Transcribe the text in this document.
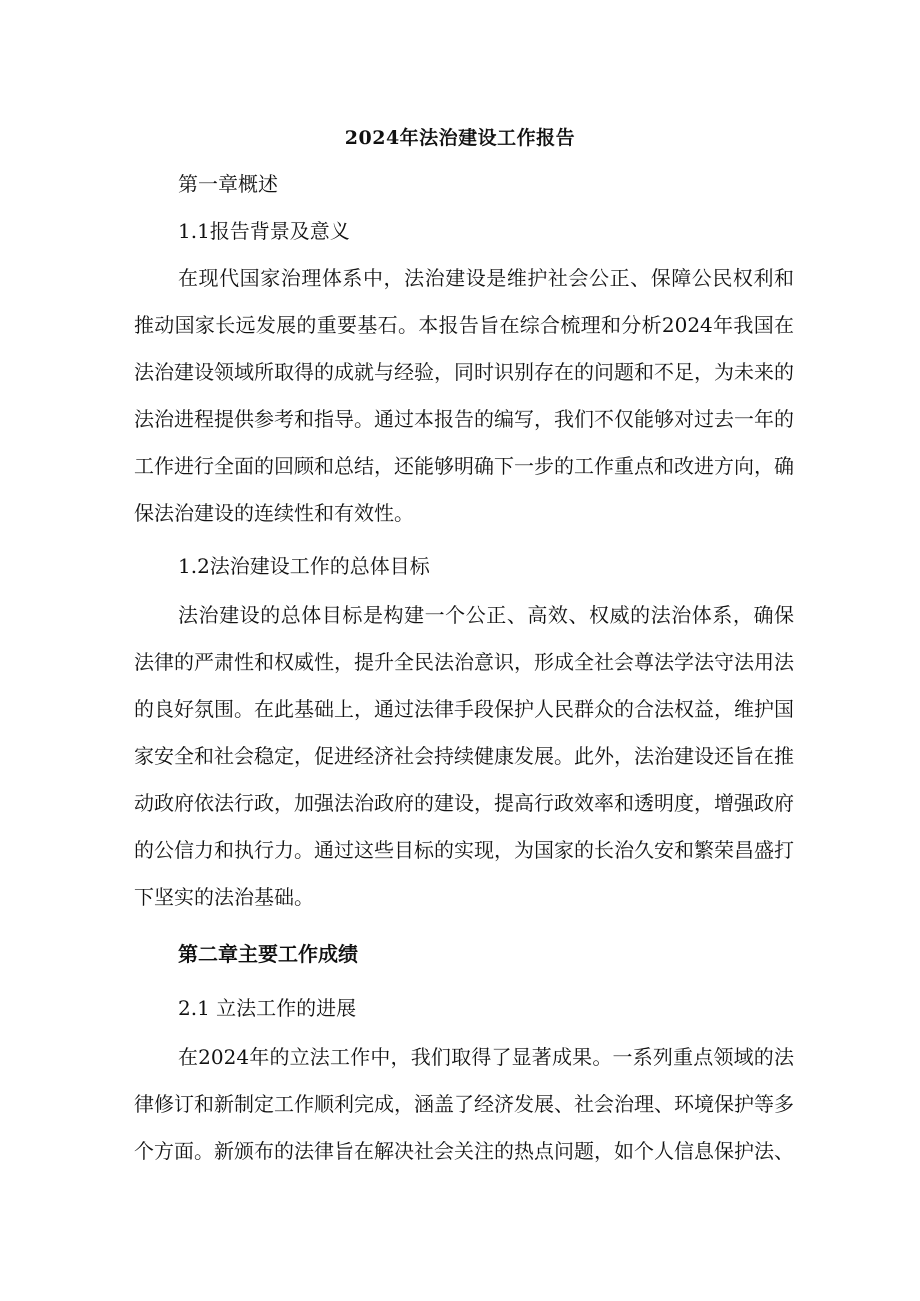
2024年法治建设工作报告
第一章概述
1.1报告背景及意义
在现代国家治理体系中，法治建设是维护社会公正、保障公民权利和
推动国家长远发展的重要基石。本报告旨在综合梳理和分析2024年我国在
法治建设领域所取得的成就与经验，同时识别存在的问题和不足，为未来的
法治进程提供参考和指导。通过本报告的编写，我们不仅能够对过去一年的
工作进行全面的回顾和总结，还能够明确下一步的工作重点和改进方向，确
保法治建设的连续性和有效性。
1.2法治建设工作的总体目标
法治建设的总体目标是构建一个公正、高效、权威的法治体系，确保
法律的严肃性和权威性，提升全民法治意识，形成全社会尊法学法守法用法
的良好氛围。在此基础上，通过法律手段保护人民群众的合法权益，维护国
家安全和社会稳定，促进经济社会持续健康发展。此外，法治建设还旨在推
动政府依法行政，加强法治政府的建设，提高行政效率和透明度，增强政府
的公信力和执行力。通过这些目标的实现，为国家的长治久安和繁荣昌盛打
下坚实的法治基础。
第二章主要工作成绩
2.1 立法工作的进展
在2024年的立法工作中，我们取得了显著成果。一系列重点领域的法
律修订和新制定工作顺利完成，涵盖了经济发展、社会治理、环境保护等多
个方面。新颁布的法律旨在解决社会关注的热点问题，如个人信息保护法、
